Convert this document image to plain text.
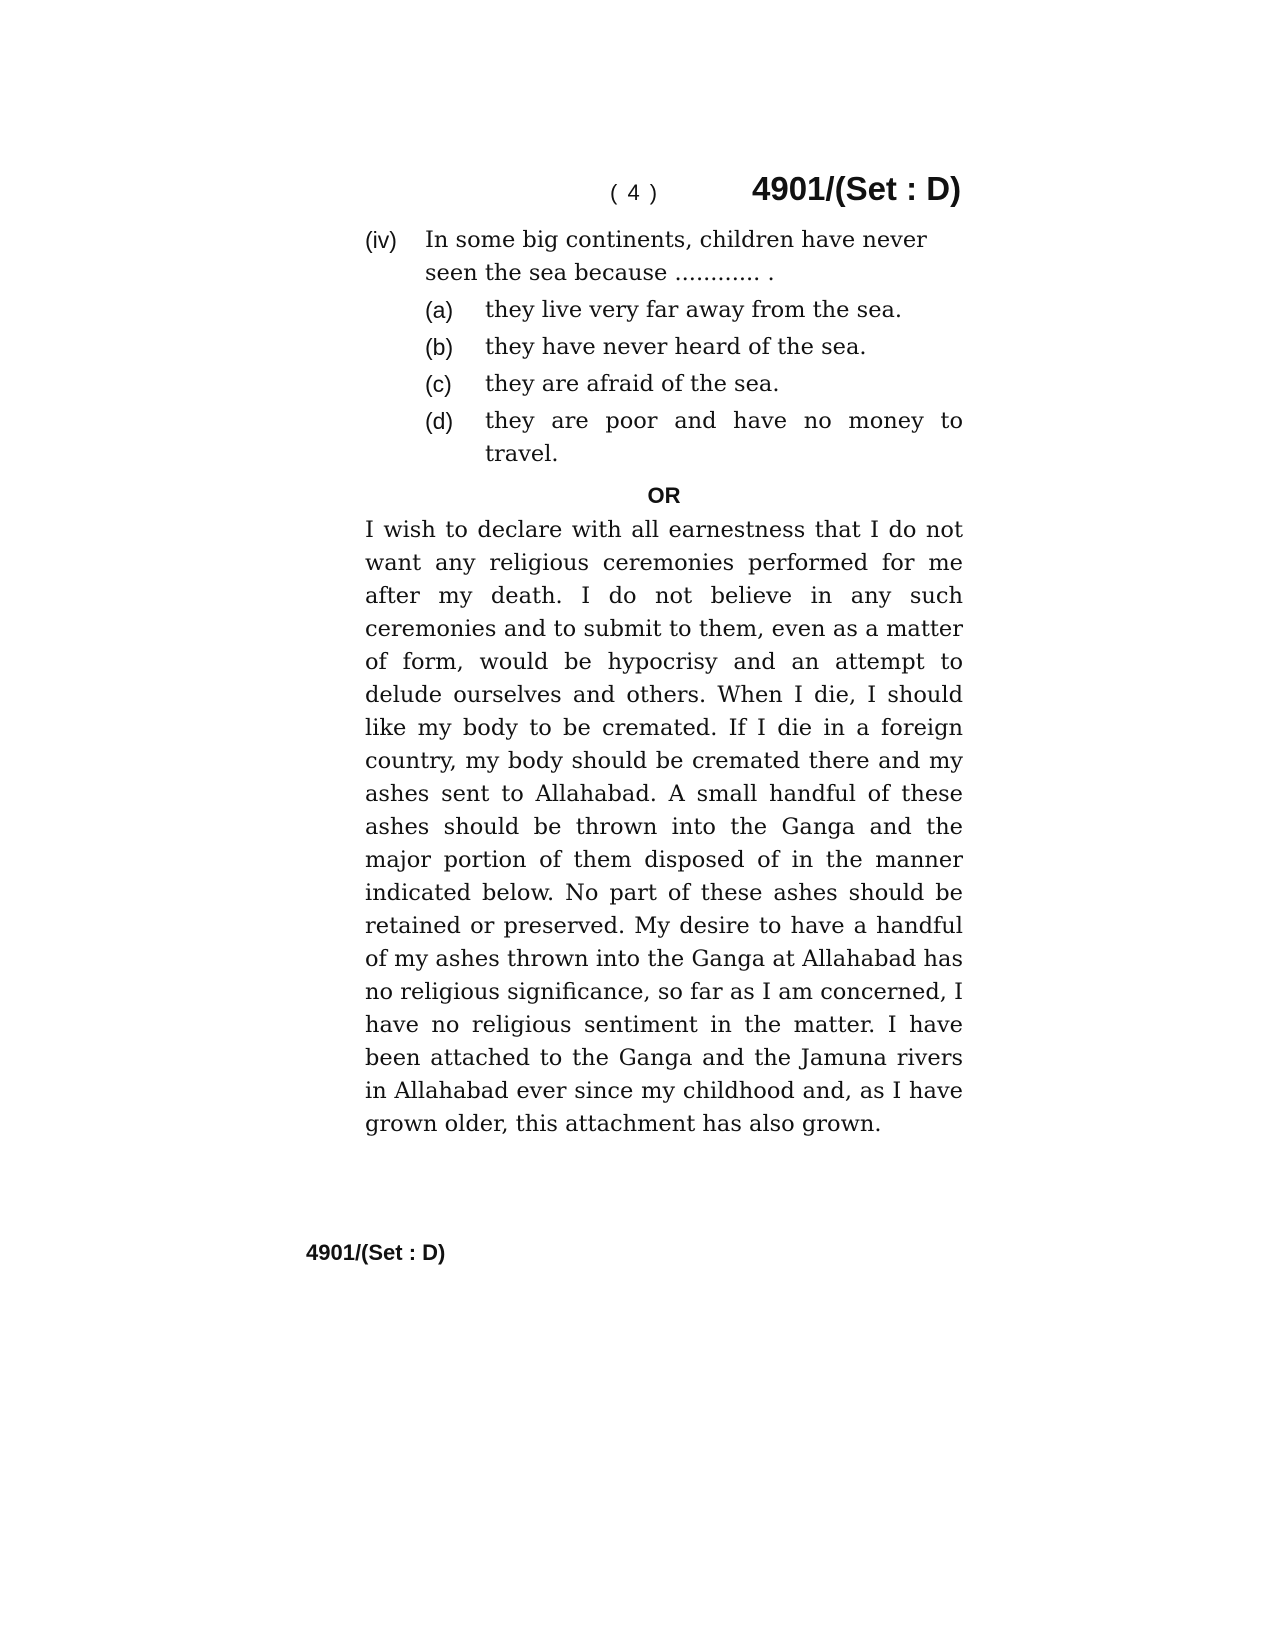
( 4 )	4901/(Set : D)
(iv)	In some big continents, children have never seen the sea because ............ .
(a)	they live very far away from the sea.
(b)	they have never heard of the sea.
(c)	they are afraid of the sea.
(d)	they are poor and have no money to travel.
OR

I wish to declare with all earnestness that I do not want any religious ceremonies performed for me after my death. I do not believe in any such ceremonies and to submit to them, even as a matter of form, would be hypocrisy and an attempt to delude ourselves and others. When I die, I should like my body to be cremated. If I die in a foreign country, my body should be cremated there and my ashes sent to Allahabad. A small handful of these ashes should be thrown into the Ganga and the major portion of them disposed of in the manner indicated below. No part of these ashes should be retained or preserved. My desire to have a handful of my ashes thrown into the Ganga at Allahabad has no religious significance, so far as I am concerned, I have no religious sentiment in the matter. I have been attached to the Ganga and the Jamuna rivers in Allahabad ever since my childhood and, as I have grown older, this attachment has also grown.

4901/(Set : D)
